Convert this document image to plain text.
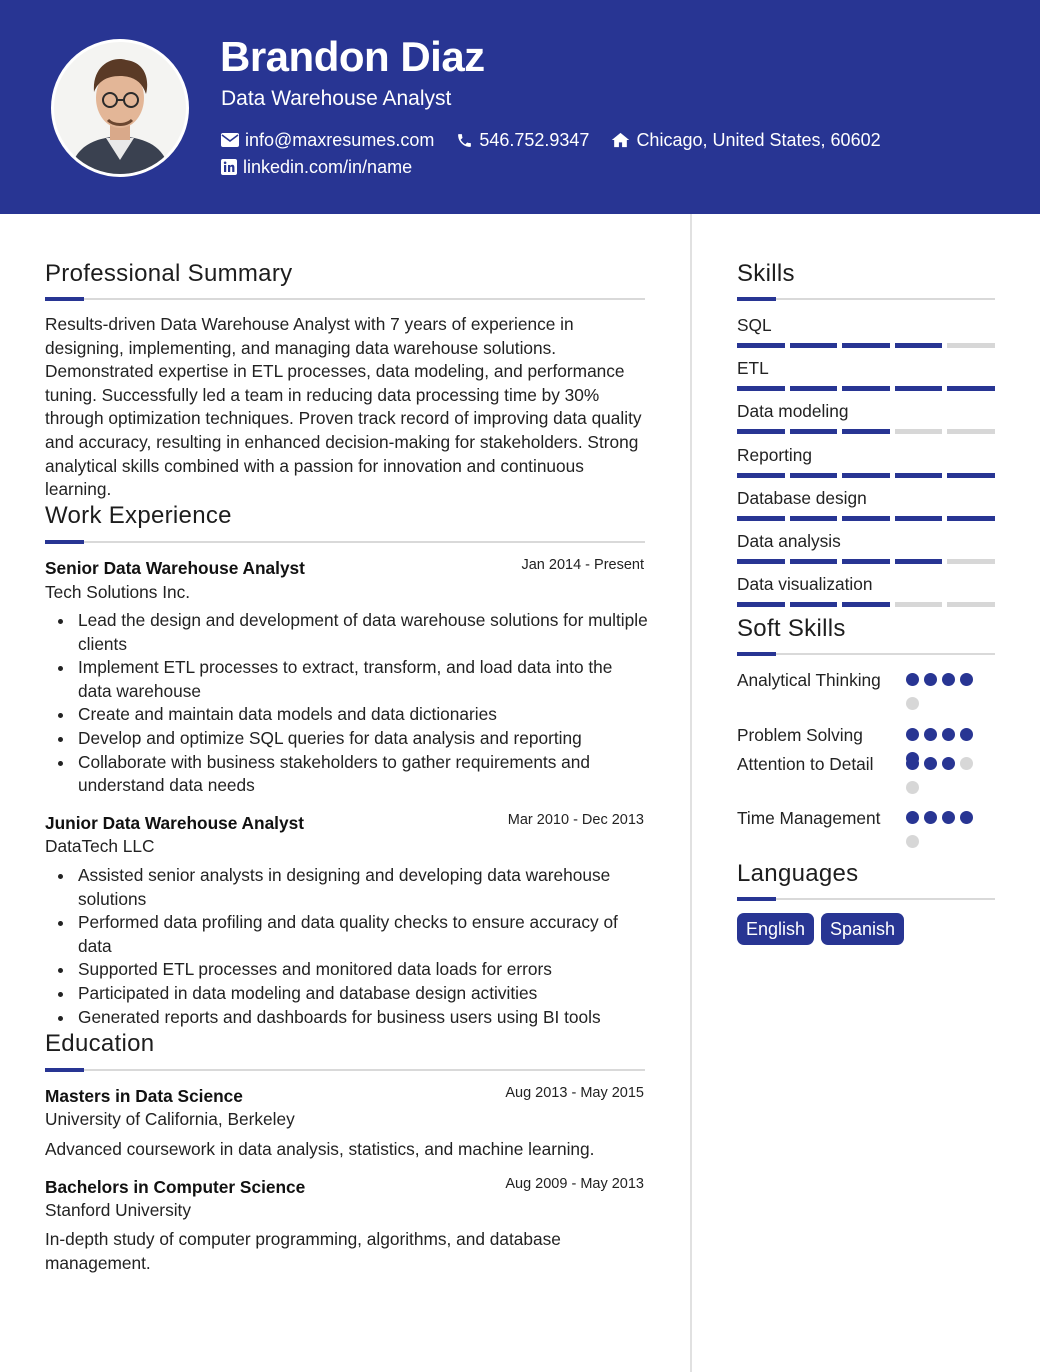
Brandon Diaz
Data Warehouse Analyst
info@maxresumes.com	546.752.9347	Chicago, United States, 60602
linkedin.com/in/name
Professional Summary
Results-driven Data Warehouse Analyst with 7 years of experience in designing, implementing, and managing data warehouse solutions. Demonstrated expertise in ETL processes, data modeling, and performance tuning. Successfully led a team in reducing data processing time by 30% through optimization techniques. Proven track record of improving data quality and accuracy, resulting in enhanced decision-making for stakeholders. Strong analytical skills combined with a passion for innovation and continuous learning.
Work Experience
Senior Data Warehouse Analyst	Jan 2014 - Present
Tech Solutions Inc.
Lead the design and development of data warehouse solutions for multiple clients
Implement ETL processes to extract, transform, and load data into the data warehouse
Create and maintain data models and data dictionaries
Develop and optimize SQL queries for data analysis and reporting
Collaborate with business stakeholders to gather requirements and understand data needs
Junior Data Warehouse Analyst	Mar 2010 - Dec 2013
DataTech LLC
Assisted senior analysts in designing and developing data warehouse solutions
Performed data profiling and data quality checks to ensure accuracy of data
Supported ETL processes and monitored data loads for errors
Participated in data modeling and database design activities
Generated reports and dashboards for business users using BI tools
Education
Masters in Data Science	Aug 2013 - May 2015
University of California, Berkeley
Advanced coursework in data analysis, statistics, and machine learning.
Bachelors in Computer Science	Aug 2009 - May 2013
Stanford University
In-depth study of computer programming, algorithms, and database management.
Skills
SQL
ETL
Data modeling
Reporting
Database design
Data analysis
Data visualization
Soft Skills
Analytical Thinking
Problem Solving
Attention to Detail
Time Management
Languages
English	Spanish
